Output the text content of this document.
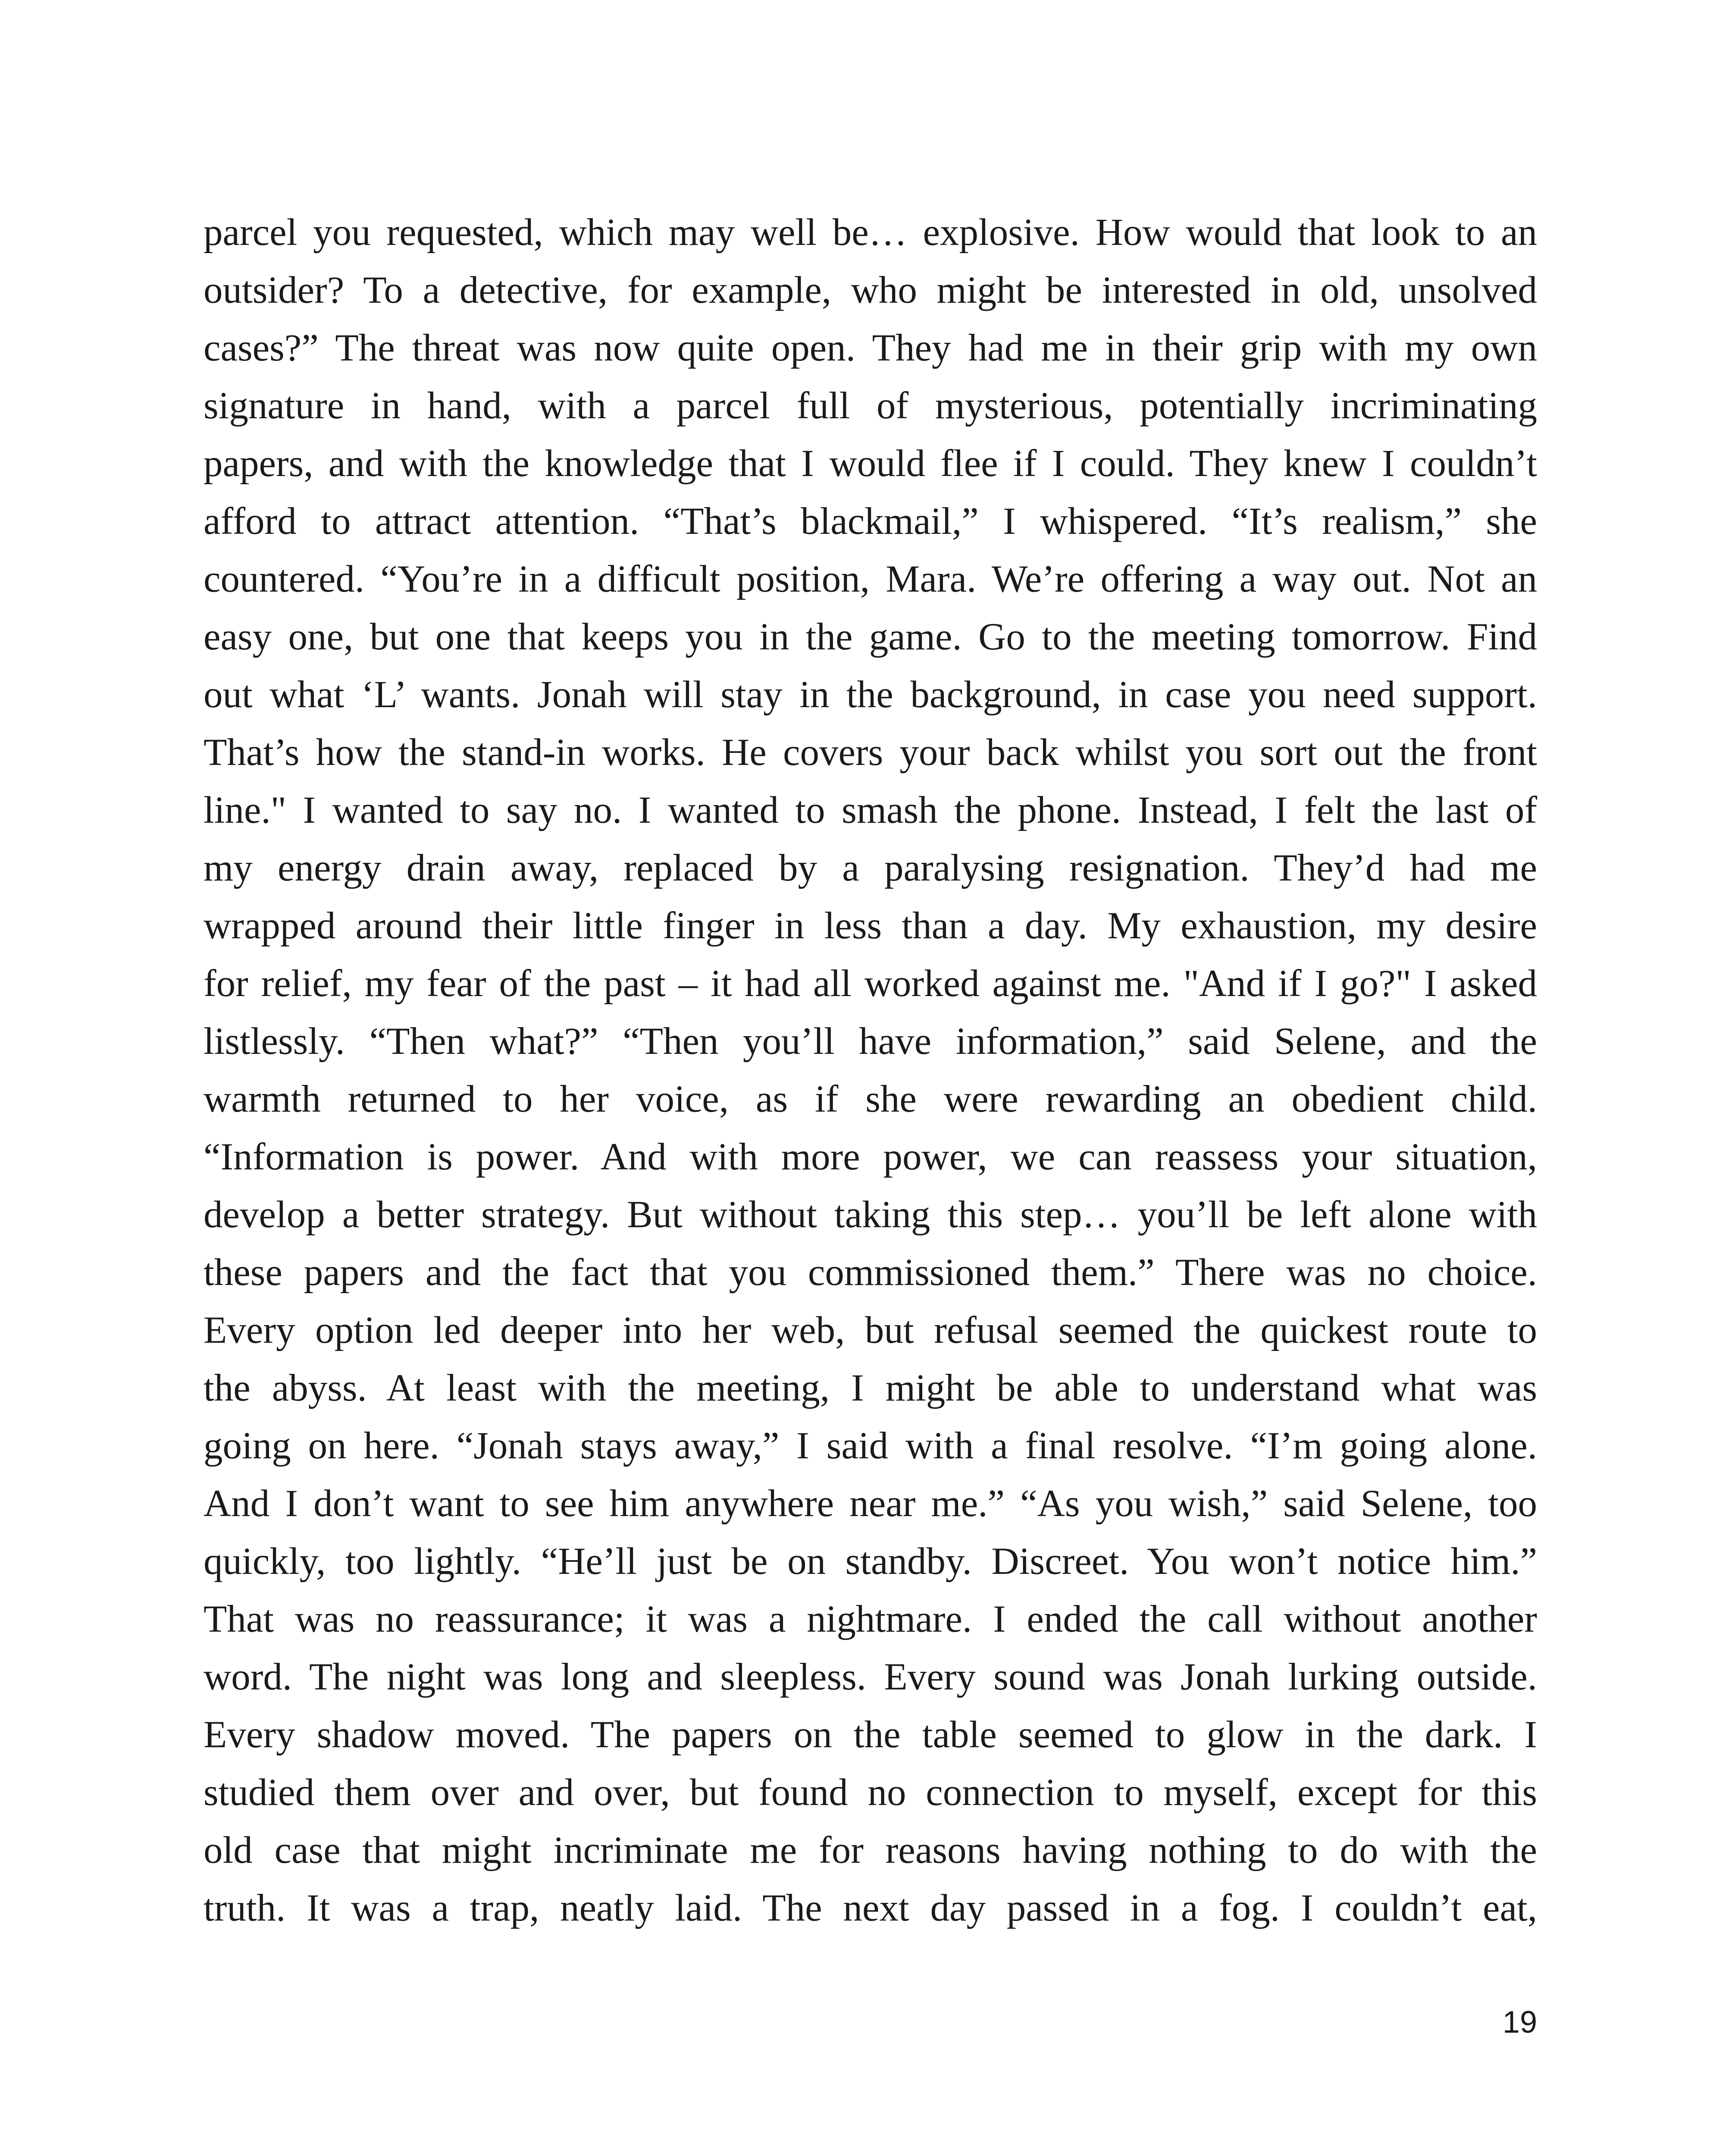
parcel you requested, which may well be… explosive. How would that look to an
outsider? To a detective, for example, who might be interested in old, unsolved
cases?” The threat was now quite open. They had me in their grip with my own
signature in hand, with a parcel full of mysterious, potentially incriminating
papers, and with the knowledge that I would flee if I could. They knew I couldn’t
afford to attract attention. “That’s blackmail,” I whispered. “It’s realism,” she
countered. “You’re in a difficult position, Mara. We’re offering a way out. Not an
easy one, but one that keeps you in the game. Go to the meeting tomorrow. Find
out what ‘L’ wants. Jonah will stay in the background, in case you need support.
That’s how the stand-in works. He covers your back whilst you sort out the front
line." I wanted to say no. I wanted to smash the phone. Instead, I felt the last of
my energy drain away, replaced by a paralysing resignation. They’d had me
wrapped around their little finger in less than a day. My exhaustion, my desire
for relief, my fear of the past – it had all worked against me. "And if I go?" I asked
listlessly. “Then what?” “Then you’ll have information,” said Selene, and the
warmth returned to her voice, as if she were rewarding an obedient child.
“Information is power. And with more power, we can reassess your situation,
develop a better strategy. But without taking this step… you’ll be left alone with
these papers and the fact that you commissioned them.” There was no choice.
Every option led deeper into her web, but refusal seemed the quickest route to
the abyss. At least with the meeting, I might be able to understand what was
going on here. “Jonah stays away,” I said with a final resolve. “I’m going alone.
And I don’t want to see him anywhere near me.” “As you wish,” said Selene, too
quickly, too lightly. “He’ll just be on standby. Discreet. You won’t notice him.”
That was no reassurance; it was a nightmare. I ended the call without another
word. The night was long and sleepless. Every sound was Jonah lurking outside.
Every shadow moved. The papers on the table seemed to glow in the dark. I
studied them over and over, but found no connection to myself, except for this
old case that might incriminate me for reasons having nothing to do with the
truth. It was a trap, neatly laid. The next day passed in a fog. I couldn’t eat,
19
